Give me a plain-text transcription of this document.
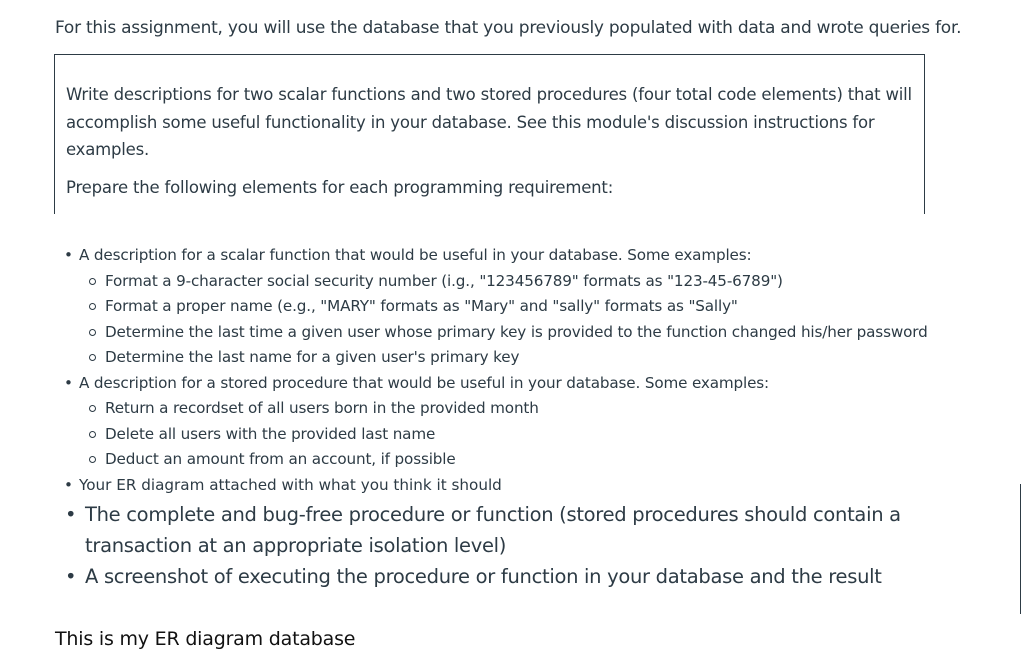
For this assignment, you will use the database that you previously populated with data and wrote queries for.
Write descriptions for two scalar functions and two stored procedures (four total code elements) that will accomplish some useful functionality in your database. See this module's discussion instructions for examples.
Prepare the following elements for each programming requirement:
• A description for a scalar function that would be useful in your database. Some examples:
Format a 9-character social security number (i.g., "123456789" formats as "123-45-6789")
Format a proper name (e.g., "MARY" formats as "Mary" and "sally" formats as "Sally"
Determine the last time a given user whose primary key is provided to the function changed his/her password
Determine the last name for a given user's primary key
• A description for a stored procedure that would be useful in your database. Some examples:
Return a recordset of all users born in the provided month
Delete all users with the provided last name
Deduct an amount from an account, if possible
• Your ER diagram attached with what you think it should
• The complete and bug-free procedure or function (stored procedures should contain a transaction at an appropriate isolation level)
• A screenshot of executing the procedure or function in your database and the result
This is my ER diagram database
